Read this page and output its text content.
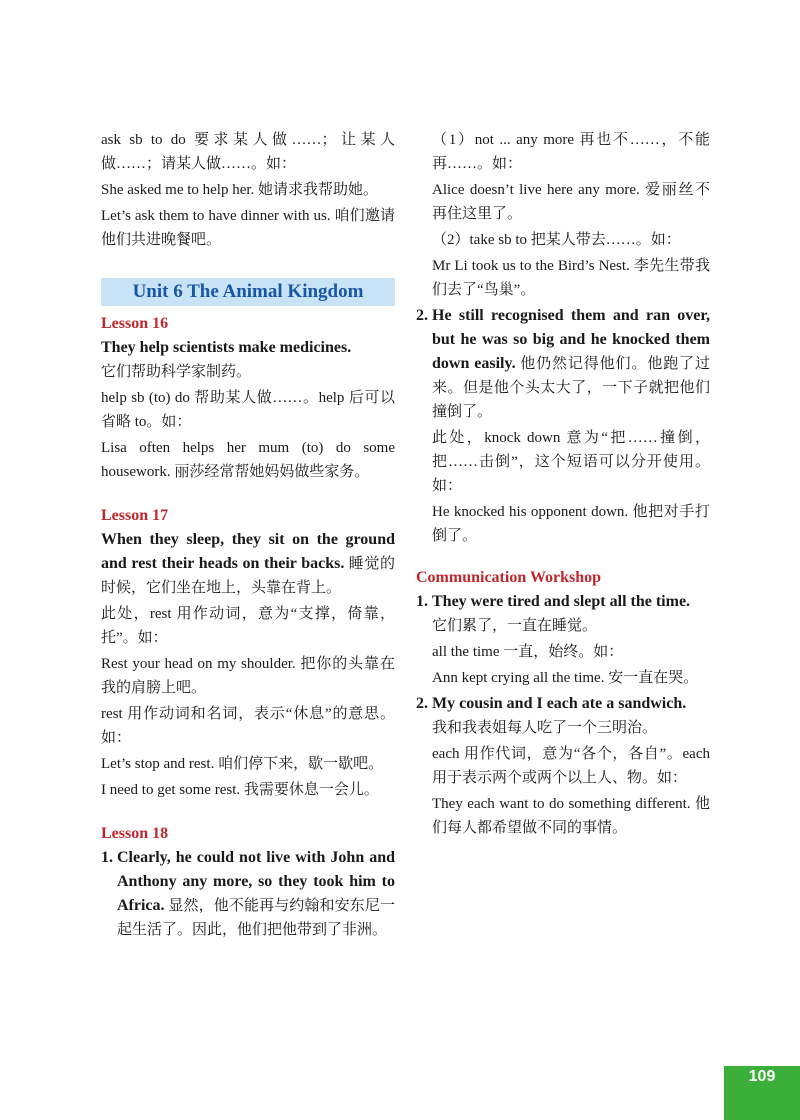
ask sb to do 要求某人做……；让某人做……；请某人做……。如：

She asked me to help her. 她请求我帮助她。

Let’s ask them to have dinner with us. 咱们邀请他们共进晚餐吧。

Unit 6 The Animal Kingdom

Lesson 16

They help scientists make medicines.

它们帮助科学家制药。

help sb (to) do 帮助某人做……。help 后可以省略 to。如：

Lisa often helps her mum (to) do some housework. 丽莎经常帮她妈妈做些家务。

Lesson 17

When they sleep, they sit on the ground and rest their heads on their backs. 睡觉的时候，它们坐在地上，头靠在背上。

此处，rest 用作动词，意为“支撑，倚靠，托”。如：

Rest your head on my shoulder. 把你的头靠在我的肩膀上吧。

rest 用作动词和名词，表示“休息”的意思。如：

Let’s stop and rest. 咱们停下来，歇一歇吧。

I need to get some rest. 我需要休息一会儿。

Lesson 18

1. Clearly, he could not live with John and Anthony any more, so they took him to Africa. 显然，他不能再与约翰和安东尼一起生活了。因此，他们把他带到了非洲。

（1）not ... any more 再也不……，不能再……。如：

Alice doesn’t live here any more. 爱丽丝不再住这里了。

（2）take sb to 把某人带去……。如：

Mr Li took us to the Bird’s Nest. 李先生带我们去了“鸟巢”。

2. He still recognised them and ran over, but he was so big and he knocked them down easily. 他仍然记得他们。他跑了过来。但是他个头太大了，一下子就把他们撞倒了。

此处，knock down 意为“把……撞倒，把……击倒”，这个短语可以分开使用。如：

He knocked his opponent down. 他把对手打倒了。

Communication Workshop

1. They were tired and slept all the time.

它们累了，一直在睡觉。

all the time 一直，始终。如：

Ann kept crying all the time. 安一直在哭。

2. My cousin and I each ate a sandwich.

我和我表姐每人吃了一个三明治。

each 用作代词，意为“各个，各自”。each 用于表示两个或两个以上人、物。如：

They each want to do something different. 他们每人都希望做不同的事情。

109
